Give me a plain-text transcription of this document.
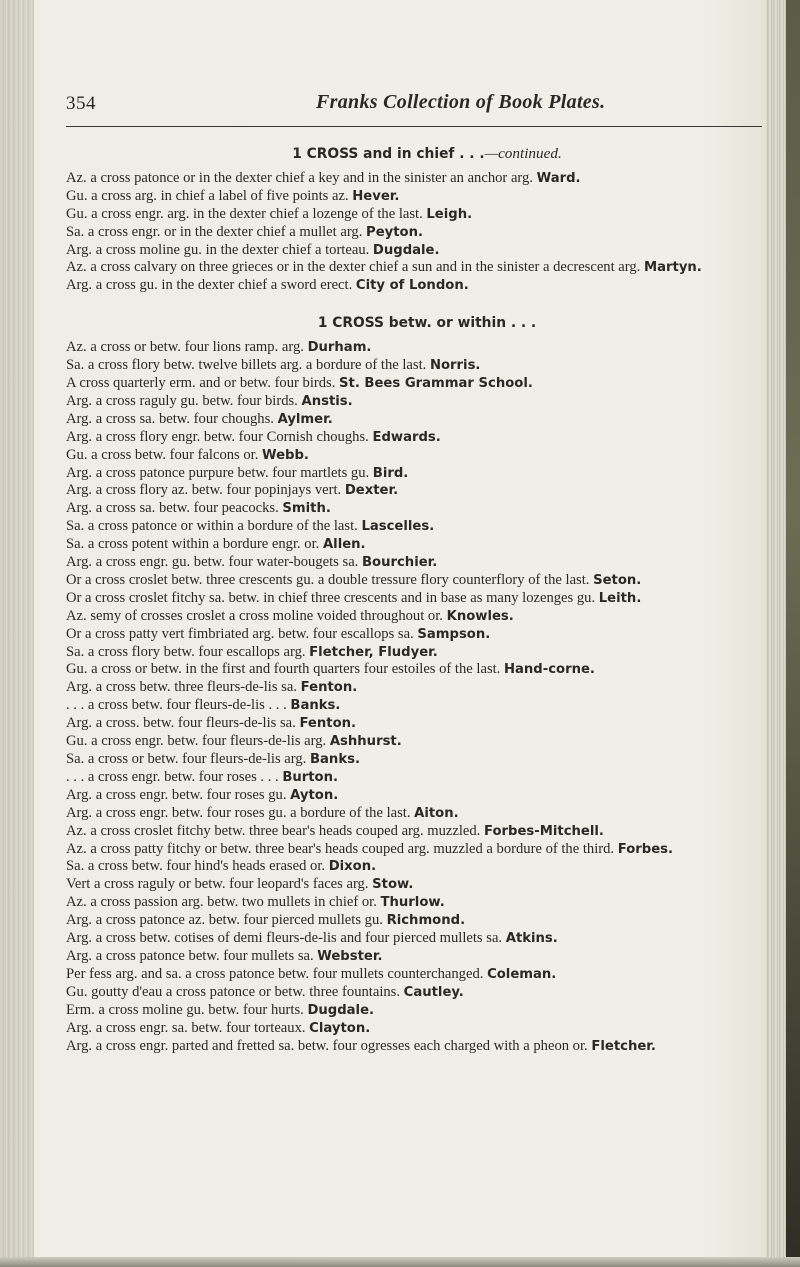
354	Franks Collection of Book Plates.

1 CROSS and in chief . . .—continued.

Az. a cross patonce or in the dexter chief a key and in the sinister an anchor arg. Ward.

Gu. a cross arg. in chief a label of five points az. Hever.

Gu. a cross engr. arg. in the dexter chief a lozenge of the last. Leigh.

Sa. a cross engr. or in the dexter chief a mullet arg. Peyton.

Arg. a cross moline gu. in the dexter chief a torteau. Dugdale.

Az. a cross calvary on three grieces or in the dexter chief a sun and in the sinister a decrescent arg. Martyn.

Arg. a cross gu. in the dexter chief a sword erect. City of London.

1 CROSS betw. or within . . .

Az. a cross or betw. four lions ramp. arg. Durham.

Sa. a cross flory betw. twelve billets arg. a bordure of the last. Norris.

A cross quarterly erm. and or betw. four birds. St. Bees Grammar School.

Arg. a cross raguly gu. betw. four birds. Anstis.

Arg. a cross sa. betw. four choughs. Aylmer.

Arg. a cross flory engr. betw. four Cornish choughs. Edwards.

Gu. a cross betw. four falcons or. Webb.

Arg. a cross patonce purpure betw. four martlets gu. Bird.

Arg. a cross flory az. betw. four popinjays vert. Dexter.

Arg. a cross sa. betw. four peacocks. Smith.

Sa. a cross patonce or within a bordure of the last. Lascelles.

Sa. a cross potent within a bordure engr. or. Allen.

Arg. a cross engr. gu. betw. four water-bougets sa. Bourchier.

Or a cross croslet betw. three crescents gu. a double tressure flory counterflory of the last. Seton.

Or a cross croslet fitchy sa. betw. in chief three crescents and in base as many lozenges gu. Leith.

Az. semy of crosses croslet a cross moline voided throughout or. Knowles.

Or a cross patty vert fimbriated arg. betw. four escallops sa. Sampson.

Sa. a cross flory betw. four escallops arg. Fletcher, Fludyer.

Gu. a cross or betw. in the first and fourth quarters four estoiles of the last. Hand-corne.

Arg. a cross betw. three fleurs-de-lis sa. Fenton.

. . . a cross betw. four fleurs-de-lis . . . Banks.

Arg. a cross. betw. four fleurs-de-lis sa. Fenton.

Gu. a cross engr. betw. four fleurs-de-lis arg. Ashhurst.

Sa. a cross or betw. four fleurs-de-lis arg. Banks.

. . . a cross engr. betw. four roses . . . Burton.

Arg. a cross engr. betw. four roses gu. Ayton.

Arg. a cross engr. betw. four roses gu. a bordure of the last. Aiton.

Az. a cross croslet fitchy betw. three bear's heads couped arg. muzzled. Forbes-Mitchell.

Az. a cross patty fitchy or betw. three bear's heads couped arg. muzzled a bordure of the third. Forbes.

Sa. a cross betw. four hind's heads erased or. Dixon.

Vert a cross raguly or betw. four leopard's faces arg. Stow.

Az. a cross passion arg. betw. two mullets in chief or. Thurlow.

Arg. a cross patonce az. betw. four pierced mullets gu. Richmond.

Arg. a cross betw. cotises of demi fleurs-de-lis and four pierced mullets sa. Atkins.

Arg. a cross patonce betw. four mullets sa. Webster.

Per fess arg. and sa. a cross patonce betw. four mullets counterchanged. Coleman.

Gu. goutty d'eau a cross patonce or betw. three fountains. Cautley.

Erm. a cross moline gu. betw. four hurts. Dugdale.

Arg. a cross engr. sa. betw. four torteaux. Clayton.

Arg. a cross engr. parted and fretted sa. betw. four ogresses each charged with a pheon or. Fletcher.
